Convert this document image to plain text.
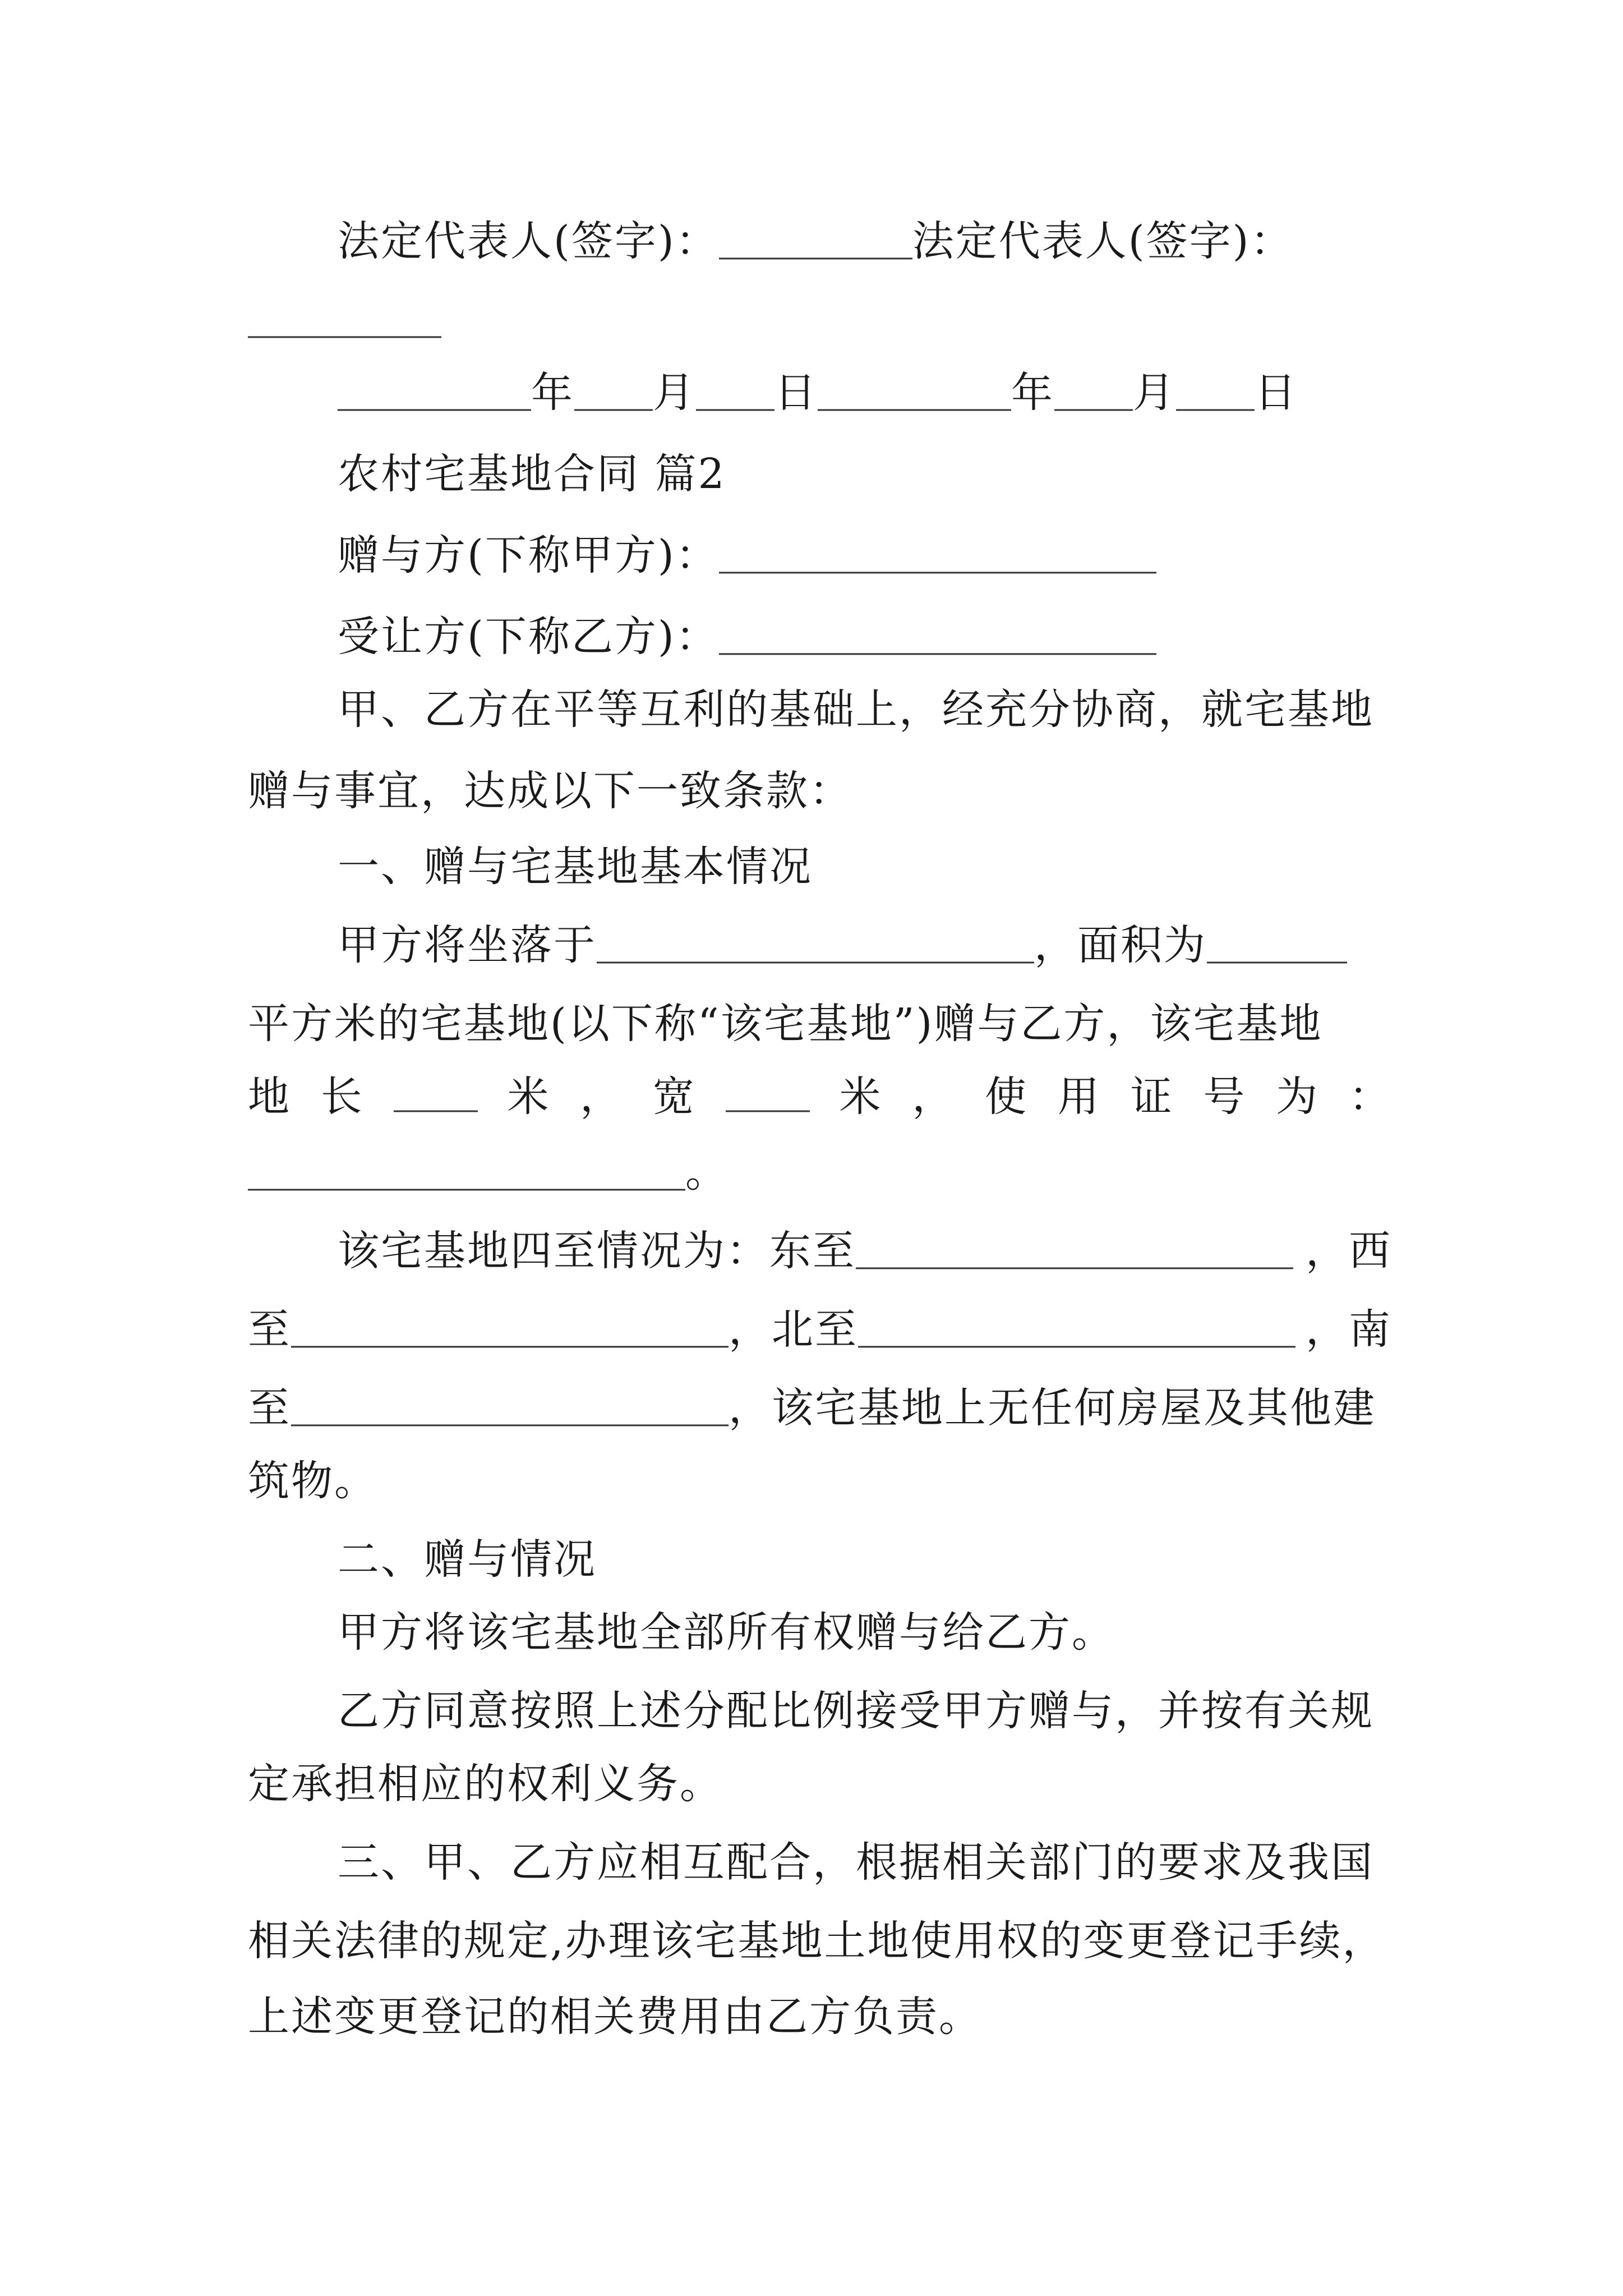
法定代表人(签字)：	法定代表人(签字)：
年 月 日	年 月 日
农村宅基地合同 篇2
赠与方(下称甲方)：
受让方(下称乙方)：
甲、乙方在平等互利的基础上，经充分协商，就宅基地
赠与事宜，达成以下一致条款：
一、赠与宅基地基本情况
甲方将坐落于	，面积为
平方米的宅基地(以下称“该宅基地”)赠与乙方，该宅基地
地 长	米 ， 宽	米 ， 使 用 证 号 为 ：
。
该宅基地四至情况为：东至	，西
至	，北至	，南
至	，该宅基地上无任何房屋及其他建
筑物。
二、赠与情况
甲方将该宅基地全部所有权赠与给乙方。
乙方同意按照上述分配比例接受甲方赠与，并按有关规
定承担相应的权利义务。
三、甲、乙方应相互配合，根据相关部门的要求及我国
相关法律的规定,办理该宅基地土地使用权的变更登记手续，
上述变更登记的相关费用由乙方负责。
